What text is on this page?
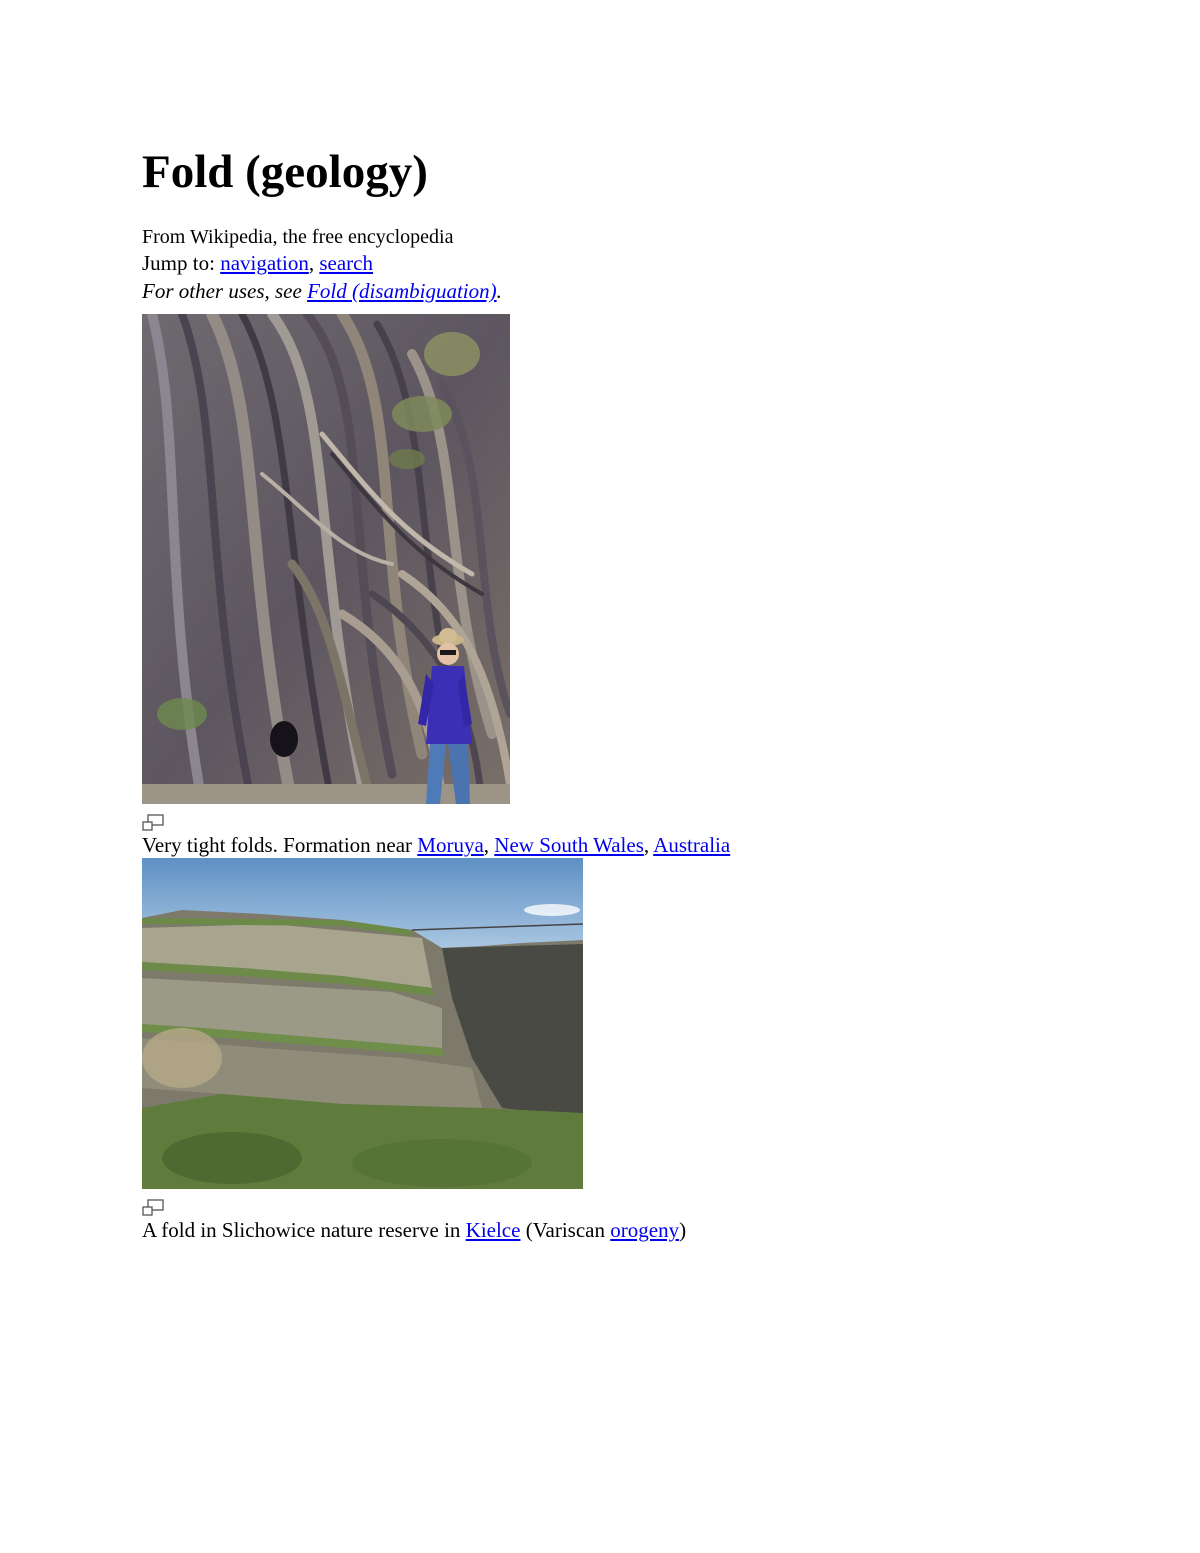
Fold (geology)
From Wikipedia, the free encyclopedia
Jump to: navigation, search
For other uses, see Fold (disambiguation).
Very tight folds. Formation near Moruya, New South Wales, Australia
A fold in Slichowice nature reserve in Kielce (Variscan orogeny)
